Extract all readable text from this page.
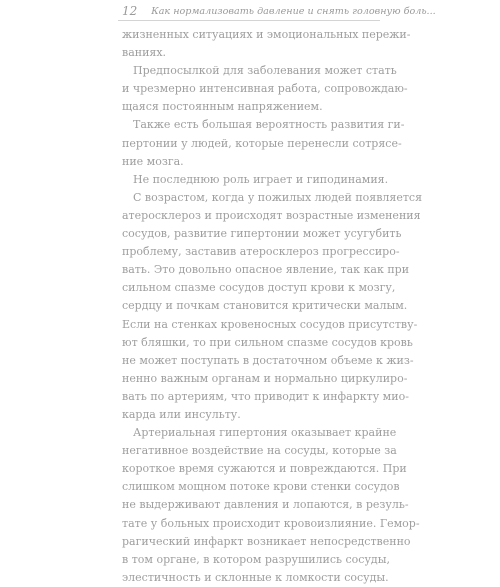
12 Как нормализовать давление и снять головную боль...
жизненных ситуациях и эмоциональных пережи-
ваниях.
Предпосылкой для заболевания может стать
и чрезмерно интенсивная работа, сопровождаю-
щаяся постоянным напряжением.
Также есть большая вероятность развития ги-
пертонии у людей, которые перенесли сотрясе-
ние мозга.
Не последнюю роль играет и гиподинамия.
С возрастом, когда у пожилых людей появляется
атеросклероз и происходят возрастные изменения
сосудов, развитие гипертонии может усугубить
проблему, заставив атеросклероз прогрессиро-
вать. Это довольно опасное явление, так как при
сильном спазме сосудов доступ крови к мозгу,
сердцу и почкам становится критически малым.
Если на стенках кровеносных сосудов присутству-
ют бляшки, то при сильном спазме сосудов кровь
не может поступать в достаточном объеме к жиз-
ненно важным органам и нормально циркулиро-
вать по артериям, что приводит к инфаркту мио-
карда или инсульту.
Артериальная гипертония оказывает крайне
негативное воздействие на сосуды, которые за
короткое время сужаются и повреждаются. При
слишком мощном потоке крови стенки сосудов
не выдерживают давления и лопаются, в резуль-
тате у больных происходит кровоизлияние. Гемор-
рагический инфаркт возникает непосредственно
в том органе, в котором разрушились сосуды,
элестичность и склонные к ломкости сосуды.
